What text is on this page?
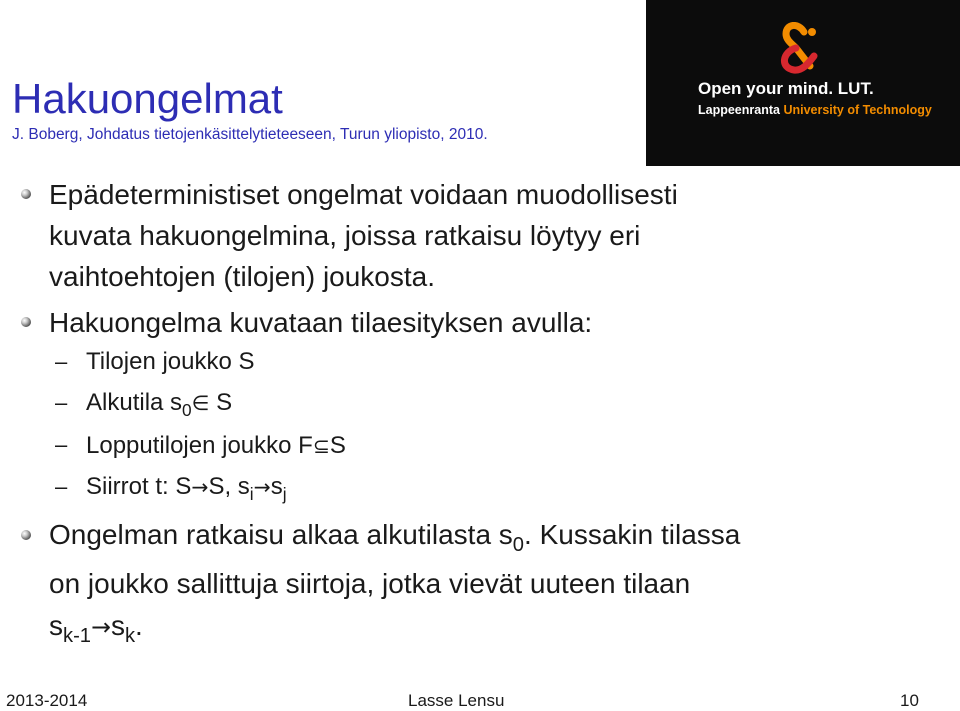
Hakuongelmat
J. Boberg, Johdatus tietojenkäsittelytieteeseen, Turun yliopisto, 2010.
Open your mind. LUT.
Lappeenranta University of Technology
Epädeterministiset ongelmat voidaan muodollisesti
kuvata hakuongelmina, joissa ratkaisu löytyy eri
vaihtoehtojen (tilojen) joukosta.
Hakuongelma kuvataan tilaesityksen avulla:
– Tilojen joukko S
– Alkutila $s_0\in$ S
– Lopputilojen joukko F⊆S
– Siirrot t: S→S, $s_i\to s_j$
Ongelman ratkaisu alkaa alkutilasta $s_0$. Kussakin tilassa
on joukko sallittuja siirtoja, jotka vievät uuteen tilaan
$s_{k-1}\to s_k$.
2013-2014	Lasse Lensu	10
